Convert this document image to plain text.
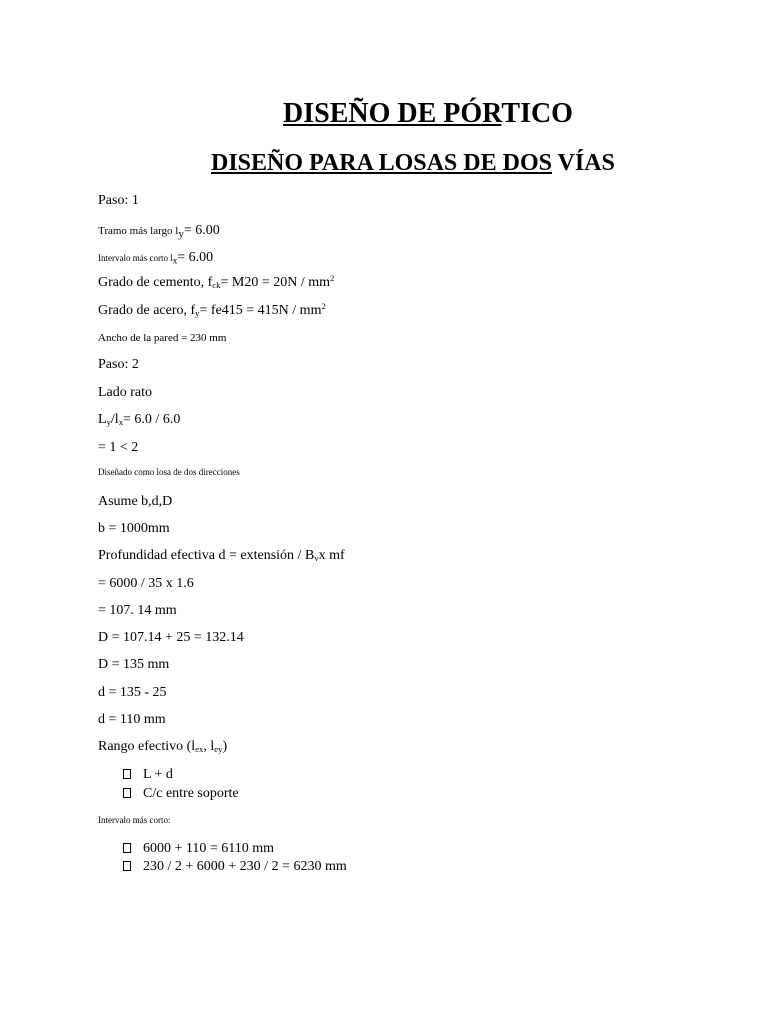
DISEÑO DE PÓRTICO
DISEÑO PARA LOSAS DE DOS VÍAS
Paso: 1
Tramo más largo $l_y= 6.00$
Intervalo más corto $l_x= 6.00$
Grado de cemento, $f_{ck}= M20 = 20N / mm^2$
Grado de acero, $f_y= fe415 = 415N / mm^2$
Ancho de la pared = 230 mm
Paso: 2
Lado rato
$L_y/l_x= 6.0 / 6.0$
= 1 < 2
Diseñado como losa de dos direcciones
Asume b,d,D
b = 1000mm
Profundidad efectiva d = extensión / $B_vx$ mf
= 6000 / 35 x 1.6
= 107. 14 mm
D = 107.14 + 25 = 132.14
D = 135 mm
d = 135 - 25
d = 110 mm
Rango efectivo ($l_{ex}$, $l_{ey}$)
L + d
C/c entre soporte
Intervalo más corto:
6000 + 110 = 6110 mm
230 / 2 + 6000 + 230 / 2 = 6230 mm
